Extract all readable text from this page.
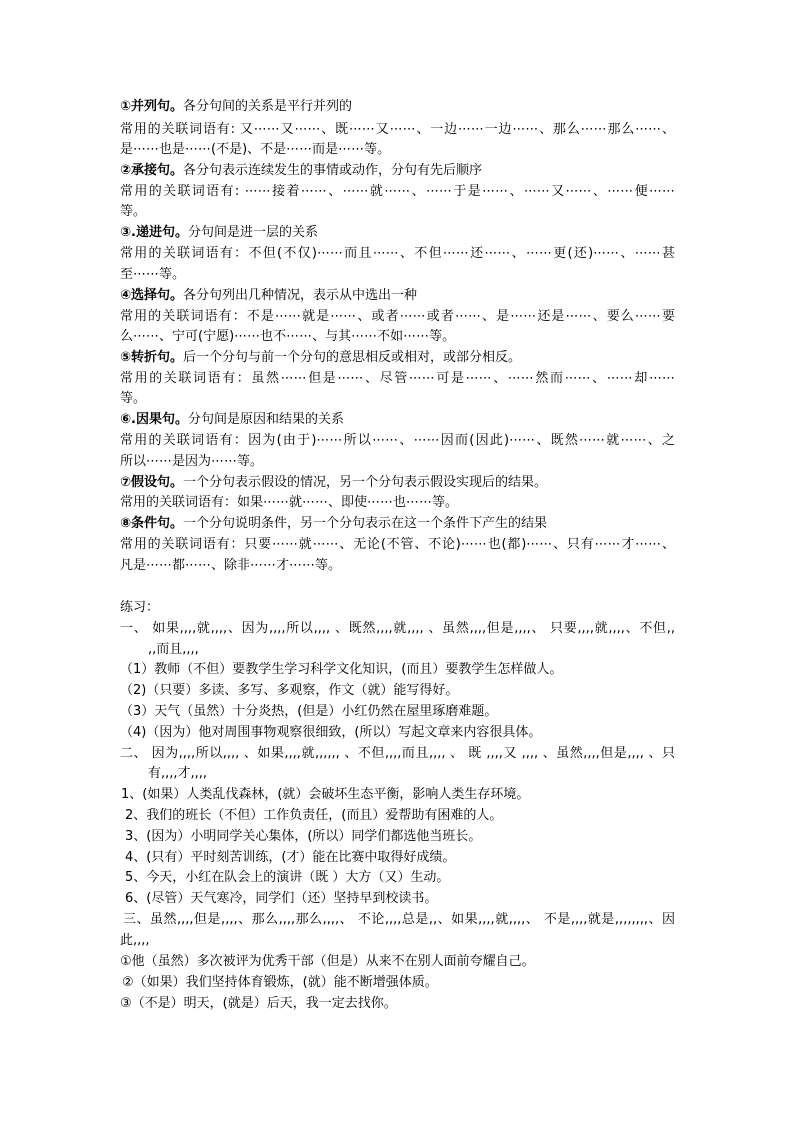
①并列句。各分句间的关系是平行并列的
常用的关联词语有: 又⋯⋯又⋯⋯、既⋯⋯又⋯⋯、一边⋯⋯一边⋯⋯、那么⋯⋯那么⋯⋯、
是⋯⋯也是⋯⋯(不是)、不是⋯⋯而是⋯⋯等。
②承接句。各分句表示连续发生的事情或动作，分句有先后顺序
常用的关联词语有: ⋯⋯接着⋯⋯、⋯⋯就⋯⋯、⋯⋯于是⋯⋯、⋯⋯又⋯⋯、⋯⋯便⋯⋯
等。
③.递进句。分句间是进一层的关系
常用的关联词语有：不但(不仅)⋯⋯而且⋯⋯、不但⋯⋯还⋯⋯、⋯⋯更(还)⋯⋯、⋯⋯甚
至⋯⋯等。
④选择句。各分句列出几种情况，表示从中选出一种
常用的关联词语有：不是⋯⋯就是⋯⋯、或者⋯⋯或者⋯⋯、是⋯⋯还是⋯⋯、要么⋯⋯要
么⋯⋯、宁可(宁愿)⋯⋯也不⋯⋯、与其⋯⋯不如⋯⋯等。
⑤转折句。后一个分句与前一个分句的意思相反或相对，或部分相反。
常用的关联词语有：虽然⋯⋯但是⋯⋯、尽管⋯⋯可是⋯⋯、⋯⋯然而⋯⋯、⋯⋯却⋯⋯
等。
⑥.因果句。分句间是原因和结果的关系
常用的关联词语有：因为(由于)⋯⋯所以⋯⋯、⋯⋯因而(因此)⋯⋯、既然⋯⋯就⋯⋯、之
所以⋯⋯是因为⋯⋯等。
⑦假设句。一个分句表示假设的情况，另一个分句表示假设实现后的结果。
常用的关联词语有：如果⋯⋯就⋯⋯、即使⋯⋯也⋯⋯等。
⑧条件句。一个分句说明条件，另一个分句表示在这一个条件下产生的结果
常用的关联词语有：只要⋯⋯就⋯⋯、无论(不管、不论)⋯⋯也(都)⋯⋯、只有⋯⋯才⋯⋯、
凡是⋯⋯都⋯⋯、除非⋯⋯才⋯⋯等。
练习：
一、 如果,,,,就,,,,、因为,,,,所以,,,, 、既然,,,,就,,,, 、虽然,,,,但是,,,,、 只要,,,,就,,,,、不但,,
,,而且,,,,
（1）教师（不但）要教学生学习科学文化知识，(而且）要教学生怎样做人。
（2)（只要）多读、多写、多观察，作文（就）能写得好。
（3）天气（虽然）十分炎热，(但是）小红仍然在屋里琢磨难题。
（4)（因为）他对周围事物观察很细致，(所以）写起文章来内容很具体。
二、 因为,,,,所以,,,, 、如果,,,,就,,,,,, 、不但,,,,而且,,,, 、 既 ,,,,又 ,,,, 、虽然,,,,但是,,,, 、只
有,,,,才,,,,
1、(如果）人类乱伐森林，(就）会破坏生态平衡，影响人类生存环境。
2、我们的班长（不但）工作负责任，(而且）爱帮助有困难的人。
3、(因为）小明同学关心集体，(所以）同学们都选他当班长。
4、(只有）平时刻苦训练，(才）能在比赛中取得好成绩。
5、今天，小红在队会上的演讲（既 ）大方（又）生动。
6、(尽管）天气寒冷，同学们（还）坚持早到校读书。
三、虽然,,,,但是,,,,、那么,,,,那么,,,,、 不论,,,,总是,,、如果,,,,就,,,,、 不是,,,,就是,,,,,,,,、因
此,,,,
①他（虽然）多次被评为优秀干部（但是）从来不在别人面前夸耀自己。
②（如果）我们坚持体育锻炼，(就）能不断增强体质。
③（不是）明天，(就是）后天，我一定去找你。
